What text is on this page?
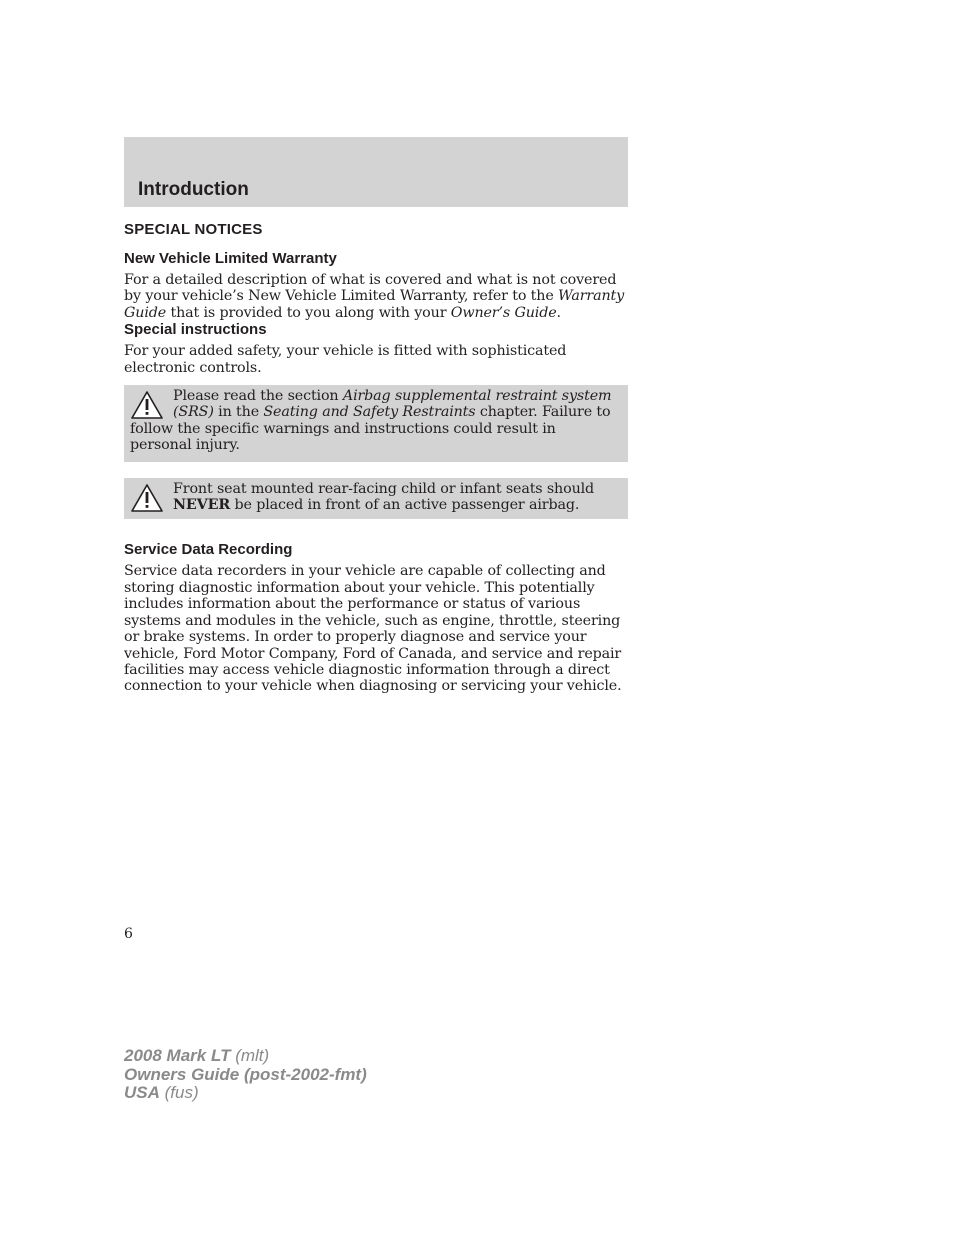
Introduction
SPECIAL NOTICES
New Vehicle Limited Warranty

For a detailed description of what is covered and what is not covered by your vehicle’s New Vehicle Limited Warranty, refer to the Warranty Guide that is provided to you along with your Owner’s Guide.

Special instructions

For your added safety, your vehicle is fitted with sophisticated electronic controls.

Please read the section Airbag supplemental restraint system (SRS) in the Seating and Safety Restraints chapter. Failure to follow the specific warnings and instructions could result in personal injury.
Front seat mounted rear-facing child or infant seats should NEVER be placed in front of an active passenger airbag.
Service Data Recording

Service data recorders in your vehicle are capable of collecting and storing diagnostic information about your vehicle. This potentially includes information about the performance or status of various systems and modules in the vehicle, such as engine, throttle, steering or brake systems. In order to properly diagnose and service your vehicle, Ford Motor Company, Ford of Canada, and service and repair facilities may access vehicle diagnostic information through a direct connection to your vehicle when diagnosing or servicing your vehicle.

6
2008 Mark LT (mlt)
Owners Guide (post-2002-fmt)
USA (fus)
